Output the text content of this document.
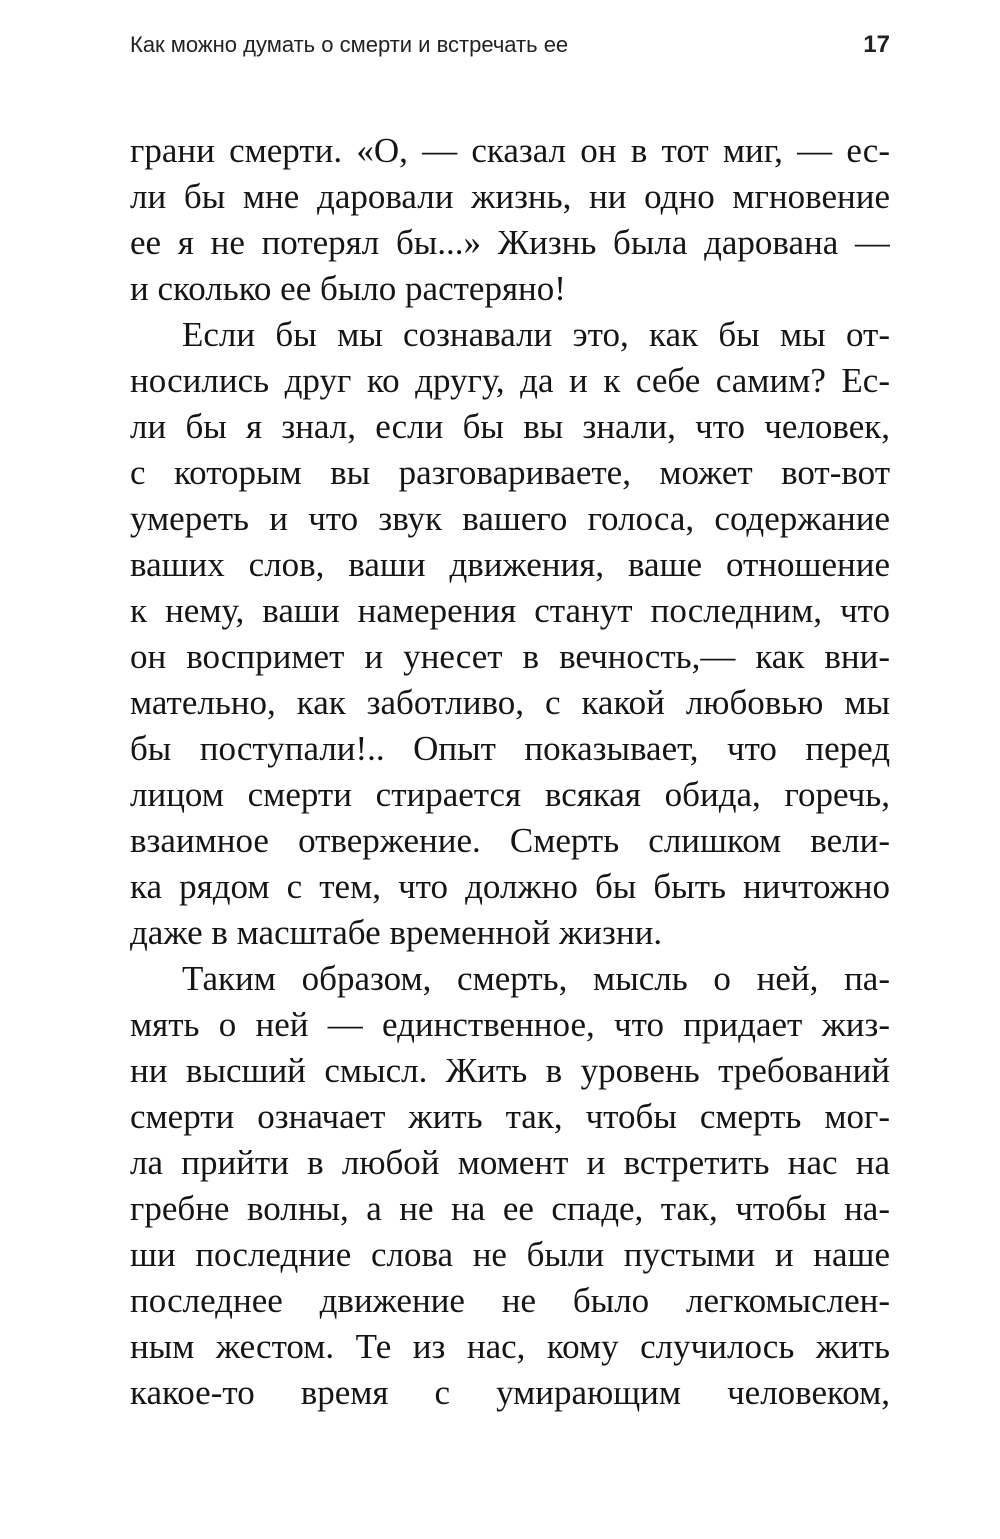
Как можно думать о смерти и встречать ее	17
грани смерти. «О, — сказал он в тот миг, — ес-
ли бы мне даровали жизнь, ни одно мгновение
ее я не потерял бы...» Жизнь была дарована —
и сколько ее было растеряно!
Если бы мы сознавали это, как бы мы от-
носились друг ко другу, да и к себе самим? Ес-
ли бы я знал, если бы вы знали, что человек,
с которым вы разговариваете, может вот-вот
умереть и что звук вашего голоса, содержание
ваших слов, ваши движения, ваше отношение
к нему, ваши намерения станут последним, что
он воспримет и унесет в вечность,— как вни-
мательно, как заботливо, с какой любовью мы
бы поступали!.. Опыт показывает, что перед
лицом смерти стирается всякая обида, горечь,
взаимное отвержение. Смерть слишком вели-
ка рядом с тем, что должно бы быть ничтожно
даже в масштабе временной жизни.
Таким образом, смерть, мысль о ней, па-
мять о ней — единственное, что придает жиз-
ни высший смысл. Жить в уровень требований
смерти означает жить так, чтобы смерть мог-
ла прийти в любой момент и встретить нас на
гребне волны, а не на ее спаде, так, чтобы на-
ши последние слова не были пустыми и наше
последнее движение не было легкомыслен-
ным жестом. Те из нас, кому случилось жить
какое-то время с умирающим человеком,
